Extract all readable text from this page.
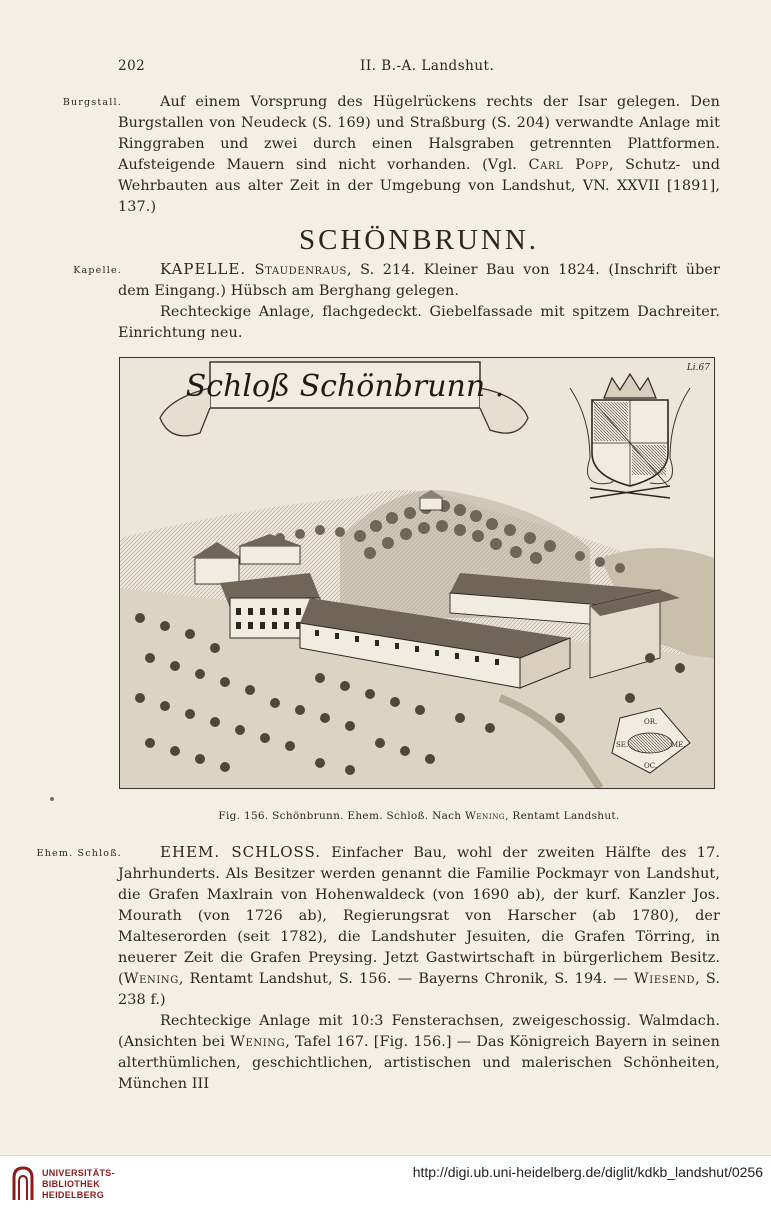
202	II. B.-A. Landshut.
Burgstall.	Auf einem Vorsprung des Hügelrückens rechts der Isar gelegen. Den Burgstallen von Neudeck (S. 169) und Straßburg (S. 204) verwandte Anlage mit Ringgraben und zwei durch einen Halsgraben getrennten Plattformen. Aufsteigende Mauern sind nicht vorhanden. (Vgl. Carl Popp, Schutz- und Wehrbauten aus alter Zeit in der Umgebung von Landshut, VN. XXVII [1891], 137.)

SCHÖNBRUNN.
Kapelle.	KAPELLE. Staudenraus, S. 214. Kleiner Bau von 1824. (Inschrift über dem Eingang.) Hübsch am Berghang gelegen.

Rechteckige Anlage, flachgedeckt. Giebelfassade mit spitzem Dachreiter. Einrichtung neu.

Schloß Schönbrunn .
Li.67
OR.
SE.	ME.
OC.
Fig. 156. Schönbrunn. Ehem. Schloß. Nach Wening, Rentamt Landshut.
Ehem. Schloß.	EHEM. SCHLOSS. Einfacher Bau, wohl der zweiten Hälfte des 17. Jahrhunderts. Als Besitzer werden genannt die Familie Pockmayr von Landshut, die Grafen Maxlrain von Hohenwaldeck (von 1690 ab), der kurf. Kanzler Jos. Mourath (von 1726 ab), Regierungsrat von Harscher (ab 1780), der Malteserorden (seit 1782), die Landshuter Jesuiten, die Grafen Törring, in neuerer Zeit die Grafen Preysing. Jetzt Gastwirtschaft in bürgerlichem Besitz. (Wening, Rentamt Landshut, S. 156. — Bayerns Chronik, S. 194. — Wiesend, S. 238 f.)

Rechteckige Anlage mit 10:3 Fensterachsen, zweigeschossig. Walmdach. (Ansichten bei Wening, Tafel 167. [Fig. 156.] — Das Königreich Bayern in seinen alterthümlichen, geschichtlichen, artistischen und malerischen Schönheiten, München III

UNIVERSITÄTS-
BIBLIOTHEK
HEIDELBERG
http://digi.ub.uni-heidelberg.de/diglit/kdkb_landshut/0256
